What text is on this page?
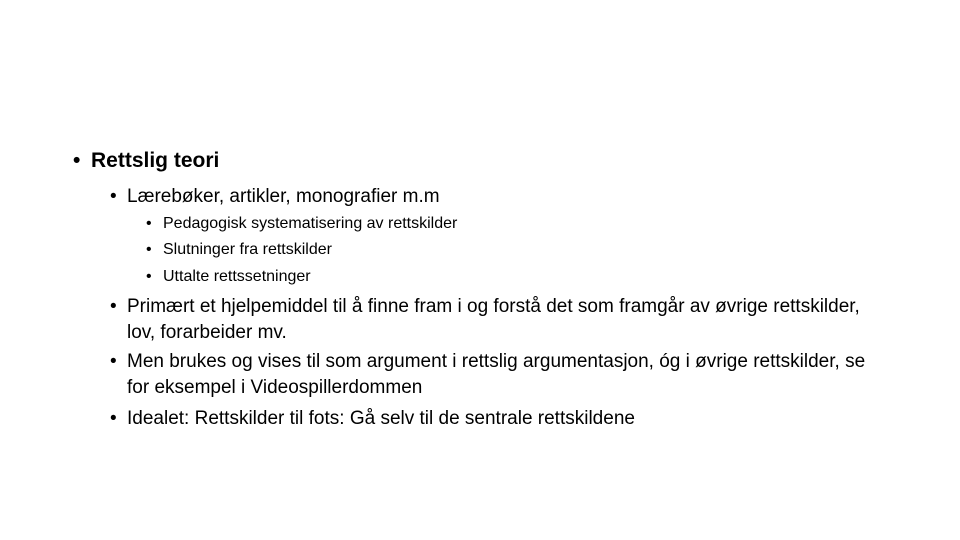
• Rettslig teori
• Lærebøker, artikler, monografier m.m
• Pedagogisk systematisering av rettskilder
• Slutninger fra rettskilder
• Uttalte rettssetninger
• Primært et hjelpemiddel til å finne fram i og forstå det som framgår av øvrige rettskilder, lov, forarbeider mv.
• Men brukes og vises til som argument i rettslig argumentasjon, óg i øvrige rettskilder, se for eksempel i Videospillerdommen
• Idealet: Rettskilder til fots: Gå selv til de sentrale rettskildene
